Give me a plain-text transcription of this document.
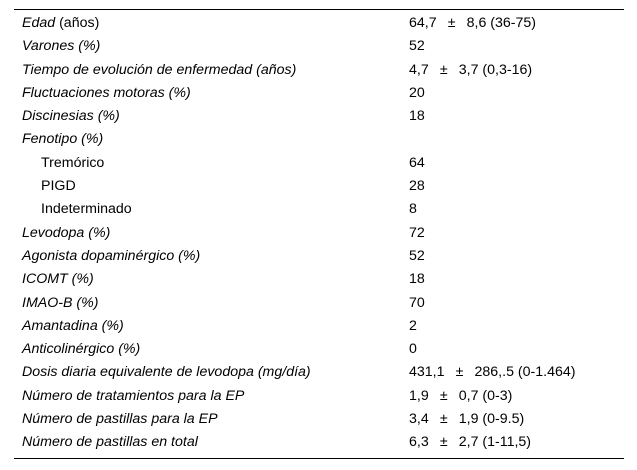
Edad (años)	64,7 ± 8,6 (36-75)
Varones (%)	52
Tiempo de evolución de enfermedad (años)	4,7 ± 3,7 (0,3-16)
Fluctuaciones motoras (%)	20
Discinesias (%)	18
Fenotipo (%)	
Tremórico	64
PIGD	28
Indeterminado	8
Levodopa (%)	72
Agonista dopaminérgico (%)	52
ICOMT (%)	18
IMAO-B (%)	70
Amantadina (%)	2
Anticolinérgico (%)	0
Dosis diaria equivalente de levodopa (mg/día)	431,1 ± 286,.5 (0-1.464)
Número de tratamientos para la EP	1,9 ± 0,7 (0-3)
Número de pastillas para la EP	3,4 ± 1,9 (0-9.5)
Número de pastillas en total	6,3 ± 2,7 (1-11,5)
